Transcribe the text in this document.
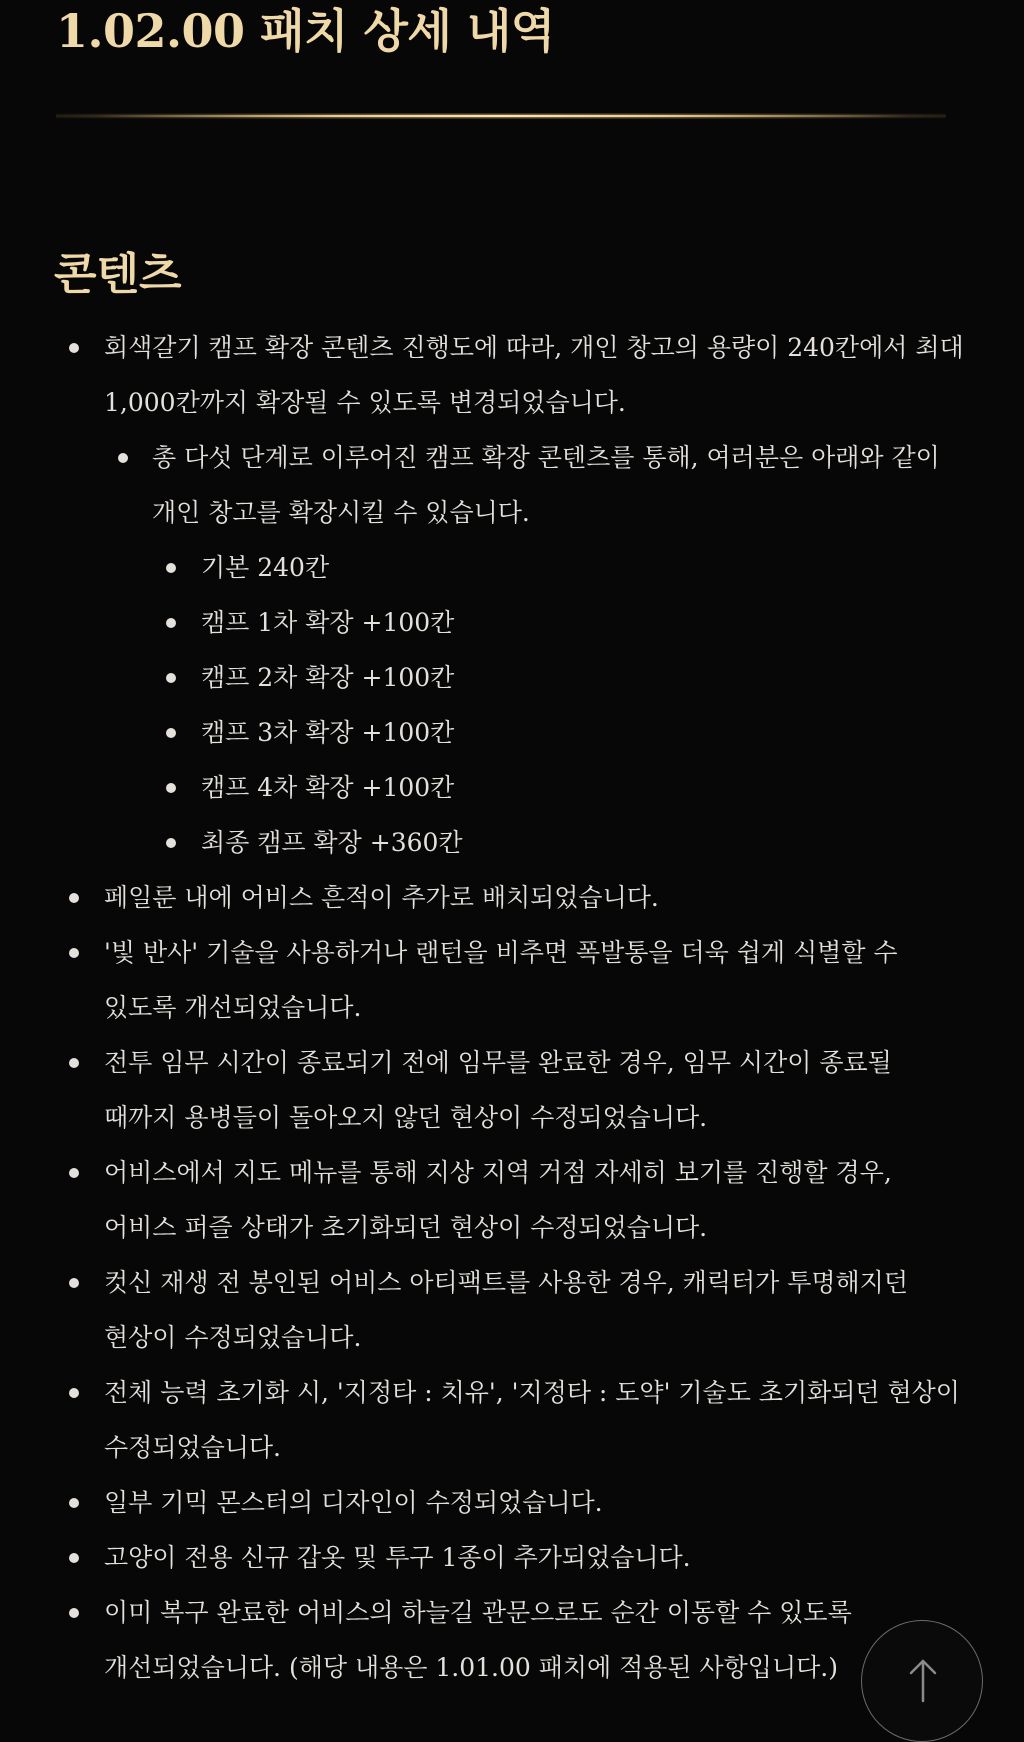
1.02.00 패치 상세 내역
콘텐츠
회색갈기 캠프 확장 콘텐츠 진행도에 따라, 개인 창고의 용량이 240칸에서 최대
1,000칸까지 확장될 수 있도록 변경되었습니다.
총 다섯 단계로 이루어진 캠프 확장 콘텐츠를 통해, 여러분은 아래와 같이
개인 창고를 확장시킬 수 있습니다.
기본 240칸
캠프 1차 확장 +100칸
캠프 2차 확장 +100칸
캠프 3차 확장 +100칸
캠프 4차 확장 +100칸
최종 캠프 확장 +360칸
페일룬 내에 어비스 흔적이 추가로 배치되었습니다.
'빛 반사' 기술을 사용하거나 랜턴을 비추면 폭발통을 더욱 쉽게 식별할 수
있도록 개선되었습니다.
전투 임무 시간이 종료되기 전에 임무를 완료한 경우, 임무 시간이 종료될
때까지 용병들이 돌아오지 않던 현상이 수정되었습니다.
어비스에서 지도 메뉴를 통해 지상 지역 거점 자세히 보기를 진행할 경우,
어비스 퍼즐 상태가 초기화되던 현상이 수정되었습니다.
컷신 재생 전 봉인된 어비스 아티팩트를 사용한 경우, 캐릭터가 투명해지던
현상이 수정되었습니다.
전체 능력 초기화 시, '지정타 : 치유', '지정타 : 도약' 기술도 초기화되던 현상이
수정되었습니다.
일부 기믹 몬스터의 디자인이 수정되었습니다.
고양이 전용 신규 갑옷 및 투구 1종이 추가되었습니다.
이미 복구 완료한 어비스의 하늘길 관문으로도 순간 이동할 수 있도록
개선되었습니다. (해당 내용은 1.01.00 패치에 적용된 사항입니다.)
